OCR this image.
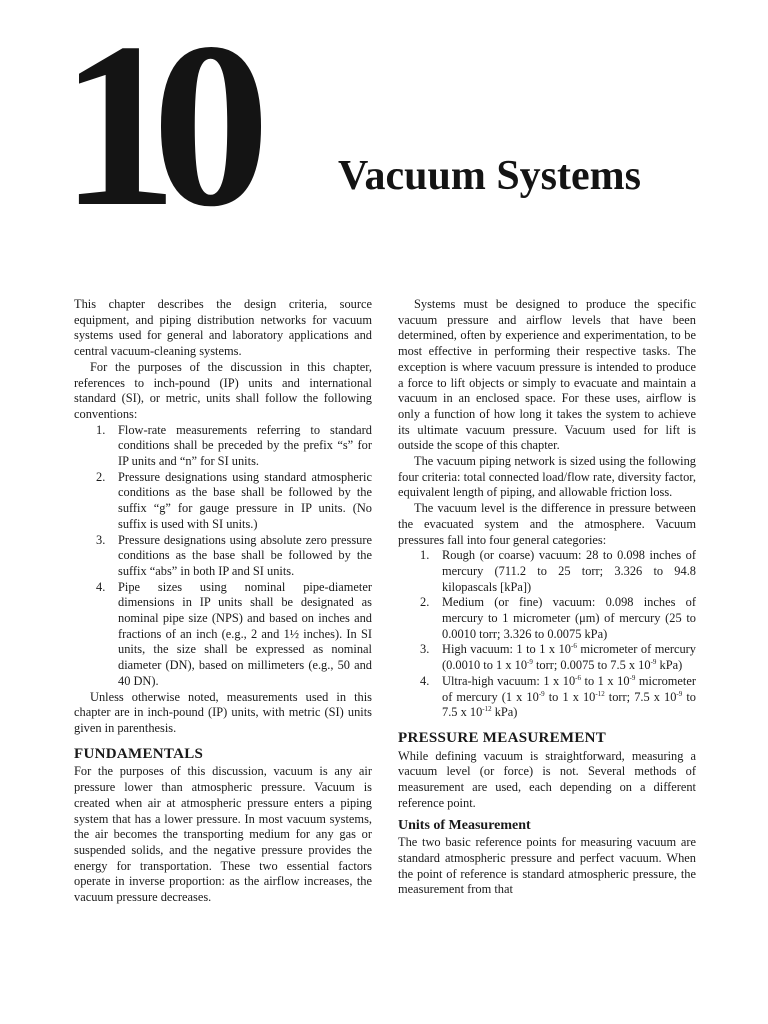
10 Vacuum Systems

This chapter describes the design criteria, source equipment, and piping distribution networks for vacuum systems used for general and laboratory applications and central vacuum-cleaning systems.

For the purposes of the discussion in this chapter, references to inch-pound (IP) units and international standard (SI), or metric, units shall follow the following conventions:

1. Flow-rate measurements referring to standard conditions shall be preceded by the prefix “s” for IP units and “n” for SI units.
2. Pressure designations using standard atmospheric conditions as the base shall be followed by the suffix “g” for gauge pressure in IP units. (No suffix is used with SI units.)
3. Pressure designations using absolute zero pressure conditions as the base shall be followed by the suffix “abs” in both IP and SI units.
4. Pipe sizes using nominal pipe-diameter dimensions in IP units shall be designated as nominal pipe size (NPS) and based on inches and fractions of an inch (e.g., 2 and 1½ inches). In SI units, the size shall be expressed as nominal diameter (DN), based on millimeters (e.g., 50 and 40 DN).

Unless otherwise noted, measurements used in this chapter are in inch-pound (IP) units, with metric (SI) units given in parenthesis.

FUNDAMENTALS

For the purposes of this discussion, vacuum is any air pressure lower than atmospheric pressure. Vacuum is created when air at atmospheric pressure enters a piping system that has a lower pressure. In most vacuum systems, the air becomes the transporting medium for any gas or suspended solids, and the negative pressure provides the energy for transportation. These two essential factors operate in inverse proportion: as the airflow increases, the vacuum pressure decreases.

Systems must be designed to produce the specific vacuum pressure and airflow levels that have been determined, often by experience and experimentation, to be most effective in performing their respective tasks. The exception is where vacuum pressure is intended to produce a force to lift objects or simply to evacuate and maintain a vacuum in an enclosed space. For these uses, airflow is only a function of how long it takes the system to achieve its ultimate vacuum pressure. Vacuum used for lift is outside the scope of this chapter.

The vacuum piping network is sized using the following four criteria: total connected load/flow rate, diversity factor, equivalent length of piping, and allowable friction loss.

The vacuum level is the difference in pressure between the evacuated system and the atmosphere. Vacuum pressures fall into four general categories:

1. Rough (or coarse) vacuum: 28 to 0.098 inches of mercury (711.2 to 25 torr; 3.326 to 94.8 kilopascals [kPa])
2. Medium (or fine) vacuum: 0.098 inches of mercury to 1 micrometer (μm) of mercury (25 to 0.0010 torr; 3.326 to 0.0075 kPa)
3. High vacuum: 1 to 1 x $10^{-6}$ micrometer of mercury (0.0010 to 1 x $10^{-9}$ torr; 0.0075 to 7.5 x $10^{-9}$ kPa)
4. Ultra-high vacuum: 1 x $10^{-6}$ to 1 x $10^{-9}$ micrometer of mercury (1 x $10^{-9}$ to 1 x $10^{-12}$ torr; 7.5 x $10^{-9}$ to 7.5 x $10^{-12}$ kPa)
PRESSURE MEASUREMENT

While defining vacuum is straightforward, measuring a vacuum level (or force) is not. Several methods of measurement are used, each depending on a different reference point.

Units of Measurement

The two basic reference points for measuring vacuum are standard atmospheric pressure and perfect vacuum. When the point of reference is standard atmospheric pressure, the measurement from that
